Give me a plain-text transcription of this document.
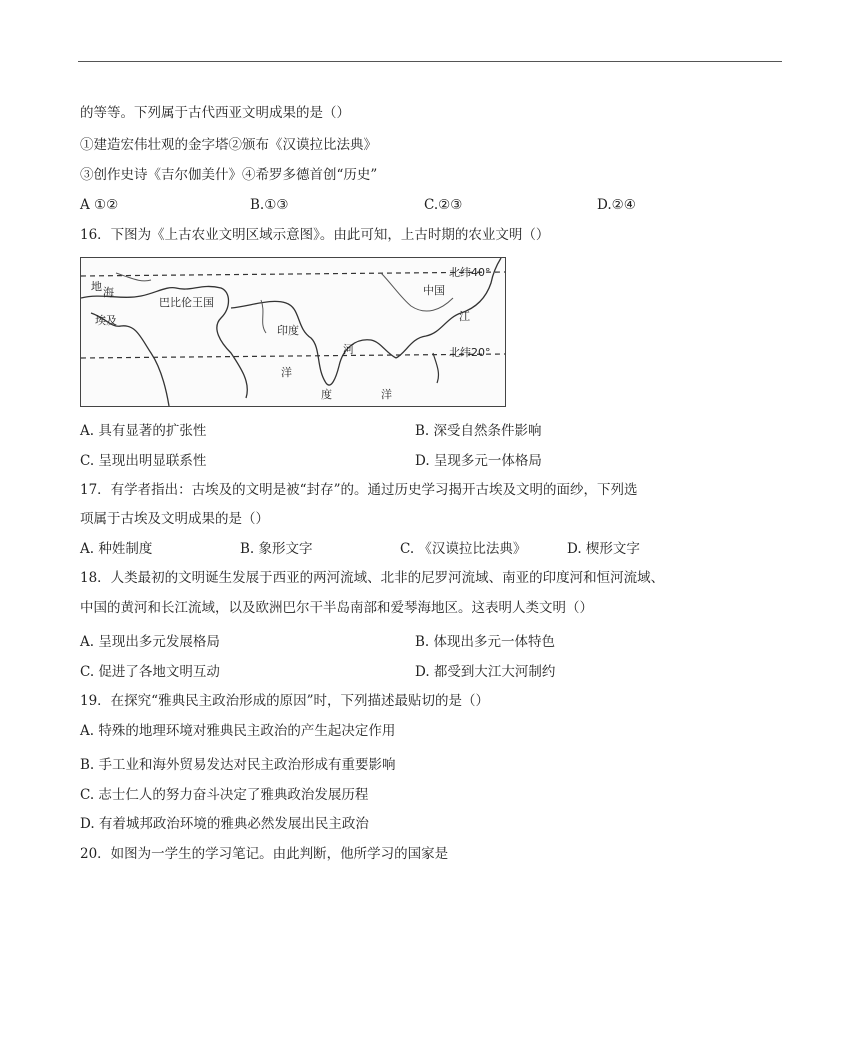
的等等。下列属于古代西亚文明成果的是（）
①建造宏伟壮观的金字塔②颁布《汉谟拉比法典》
③创作史诗《吉尔伽美什》④希罗多德首创“历史”
A ①②	B.①③	C.②③	D.②④
16．下图为《上古农业文明区域示意图》。由此可知，上古时期的农业文明（）
巴比伦王国
埃及
印度
中国
北纬40°
北纬20°
地 海
洋
河
江
度
洋
A. 具有显著的扩张性	B. 深受自然条件影响
C. 呈现出明显联系性	D. 呈现多元一体格局
17．有学者指出：古埃及的文明是被“封存”的。通过历史学习揭开古埃及文明的面纱，下列选
项属于古埃及文明成果的是（）
A. 种姓制度	B. 象形文字	C. 《汉谟拉比法典》	D. 楔形文字
18．人类最初的文明诞生发展于西亚的两河流域、北非的尼罗河流域、南亚的印度河和恒河流域、
中国的黄河和长江流域，以及欧洲巴尔干半岛南部和爱琴海地区。这表明人类文明（）
A. 呈现出多元发展格局	B. 体现出多元一体特色
C. 促进了各地文明互动	D. 都受到大江大河制约
19．在探究“雅典民主政治形成的原因”时，下列描述最贴切的是（）
A. 特殊的地理环境对雅典民主政治的产生起决定作用
B. 手工业和海外贸易发达对民主政治形成有重要影响
C. 志士仁人的努力奋斗决定了雅典政治发展历程
D. 有着城邦政治环境的雅典必然发展出民主政治
20．如图为一学生的学习笔记。由此判断，他所学习的国家是
